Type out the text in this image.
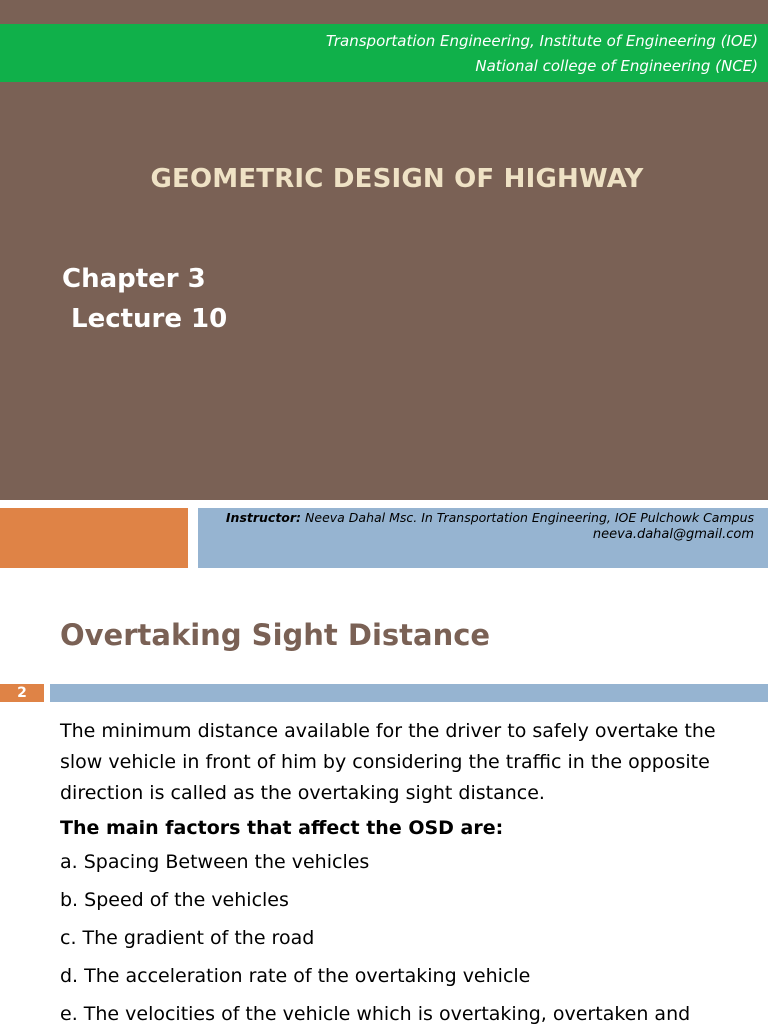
Transportation Engineering, Institute of Engineering (IOE)
National college of Engineering (NCE)
GEOMETRIC DESIGN OF HIGHWAY
Chapter 3
Lecture 10
Instructor: Neeva Dahal Msc. In Transportation Engineering, IOE Pulchowk Campus
neeva.dahal@gmail.com
Overtaking Sight Distance
2

The minimum distance available for the driver to safely overtake the slow vehicle in front of him by considering the traffic in the opposite direction is called as the overtaking sight distance.

The main factors that affect the OSD are:

a. Spacing Between the vehicles

b. Speed of the vehicles

c. The gradient of the road

d. The acceleration rate of the overtaking vehicle

e. The velocities of the vehicle which is overtaking, overtaken and
